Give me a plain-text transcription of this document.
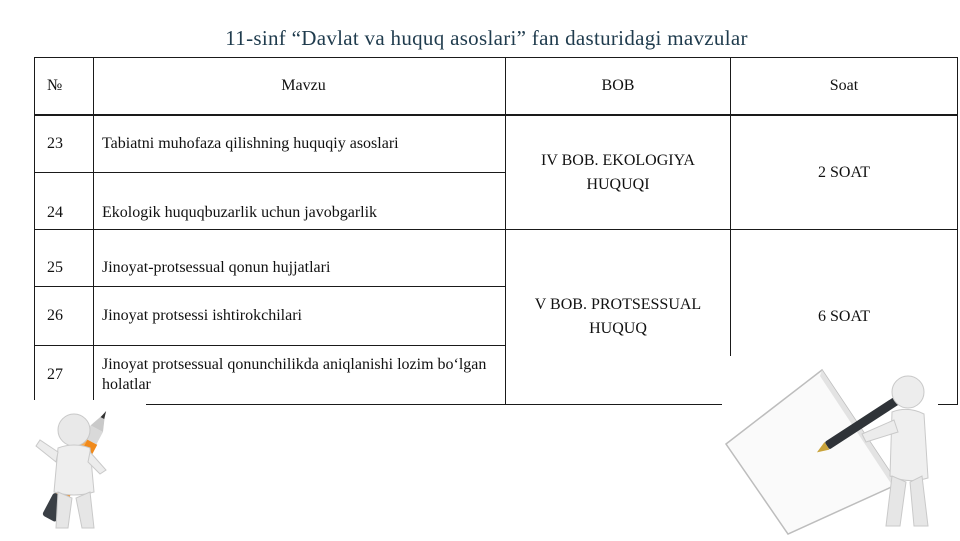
11-sinf “Davlat va huquq asoslari” fan dasturidagi mavzular
№	Mavzu	BOB	Soat
23	Tabiatni muhofaza qilishning huquqiy asoslari	IV BOB. EKOLOGIYA HUQUQI	2 SOAT
24	Ekologik huquqbuzarlik uchun javobgarlik		
25	Jinoyat-protsessual qonun hujjatlari	V BOB. PROTSESSUAL HUQUQ	6 SOAT
26	Jinoyat protsessi ishtirokchilari		
27	Jinoyat protsessual qonunchilikda aniqlanishi lozim bo‘lgan holatlar		
